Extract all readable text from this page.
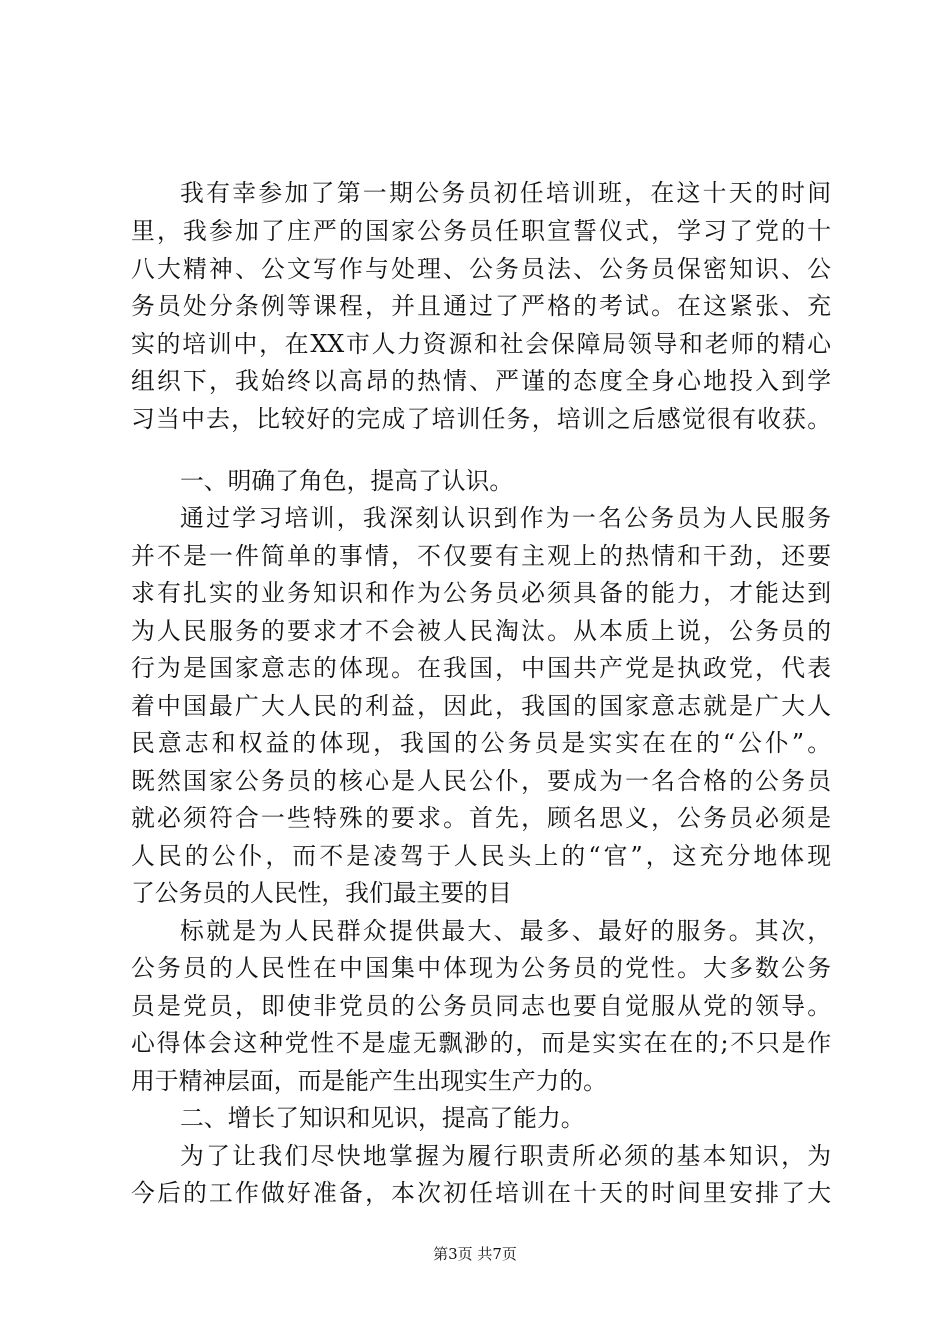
我有幸参加了第一期公务员初任培训班，在这十天的时间
里，我参加了庄严的国家公务员任职宣誓仪式，学习了党的十
八大精神、公文写作与处理、公务员法、公务员保密知识、公
务员处分条例等课程，并且通过了严格的考试。在这紧张、充
实的培训中，在XX市人力资源和社会保障局领导和老师的精心
组织下，我始终以高昂的热情、严谨的态度全身心地投入到学
习当中去，比较好的完成了培训任务，培训之后感觉很有收获。
一、明确了角色，提高了认识。
通过学习培训，我深刻认识到作为一名公务员为人民服务
并不是一件简单的事情，不仅要有主观上的热情和干劲，还要
求有扎实的业务知识和作为公务员必须具备的能力，才能达到
为人民服务的要求才不会被人民淘汰。从本质上说，公务员的
行为是国家意志的体现。在我国，中国共产党是执政党，代表
着中国最广大人民的利益，因此，我国的国家意志就是广大人
民意志和权益的体现，我国的公务员是实实在在的“公仆”。
既然国家公务员的核心是人民公仆，要成为一名合格的公务员
就必须符合一些特殊的要求。首先，顾名思义，公务员必须是
人民的公仆，而不是凌驾于人民头上的“官”，这充分地体现
了公务员的人民性，我们最主要的目
标就是为人民群众提供最大、最多、最好的服务。其次，
公务员的人民性在中国集中体现为公务员的党性。大多数公务
员是党员，即使非党员的公务员同志也要自觉服从党的领导。
心得体会这种党性不是虚无飘渺的，而是实实在在的;不只是作
用于精神层面，而是能产生出现实生产力的。
二、增长了知识和见识，提高了能力。
为了让我们尽快地掌握为履行职责所必须的基本知识，为
今后的工作做好准备，本次初任培训在十天的时间里安排了大
第3页 共7页
